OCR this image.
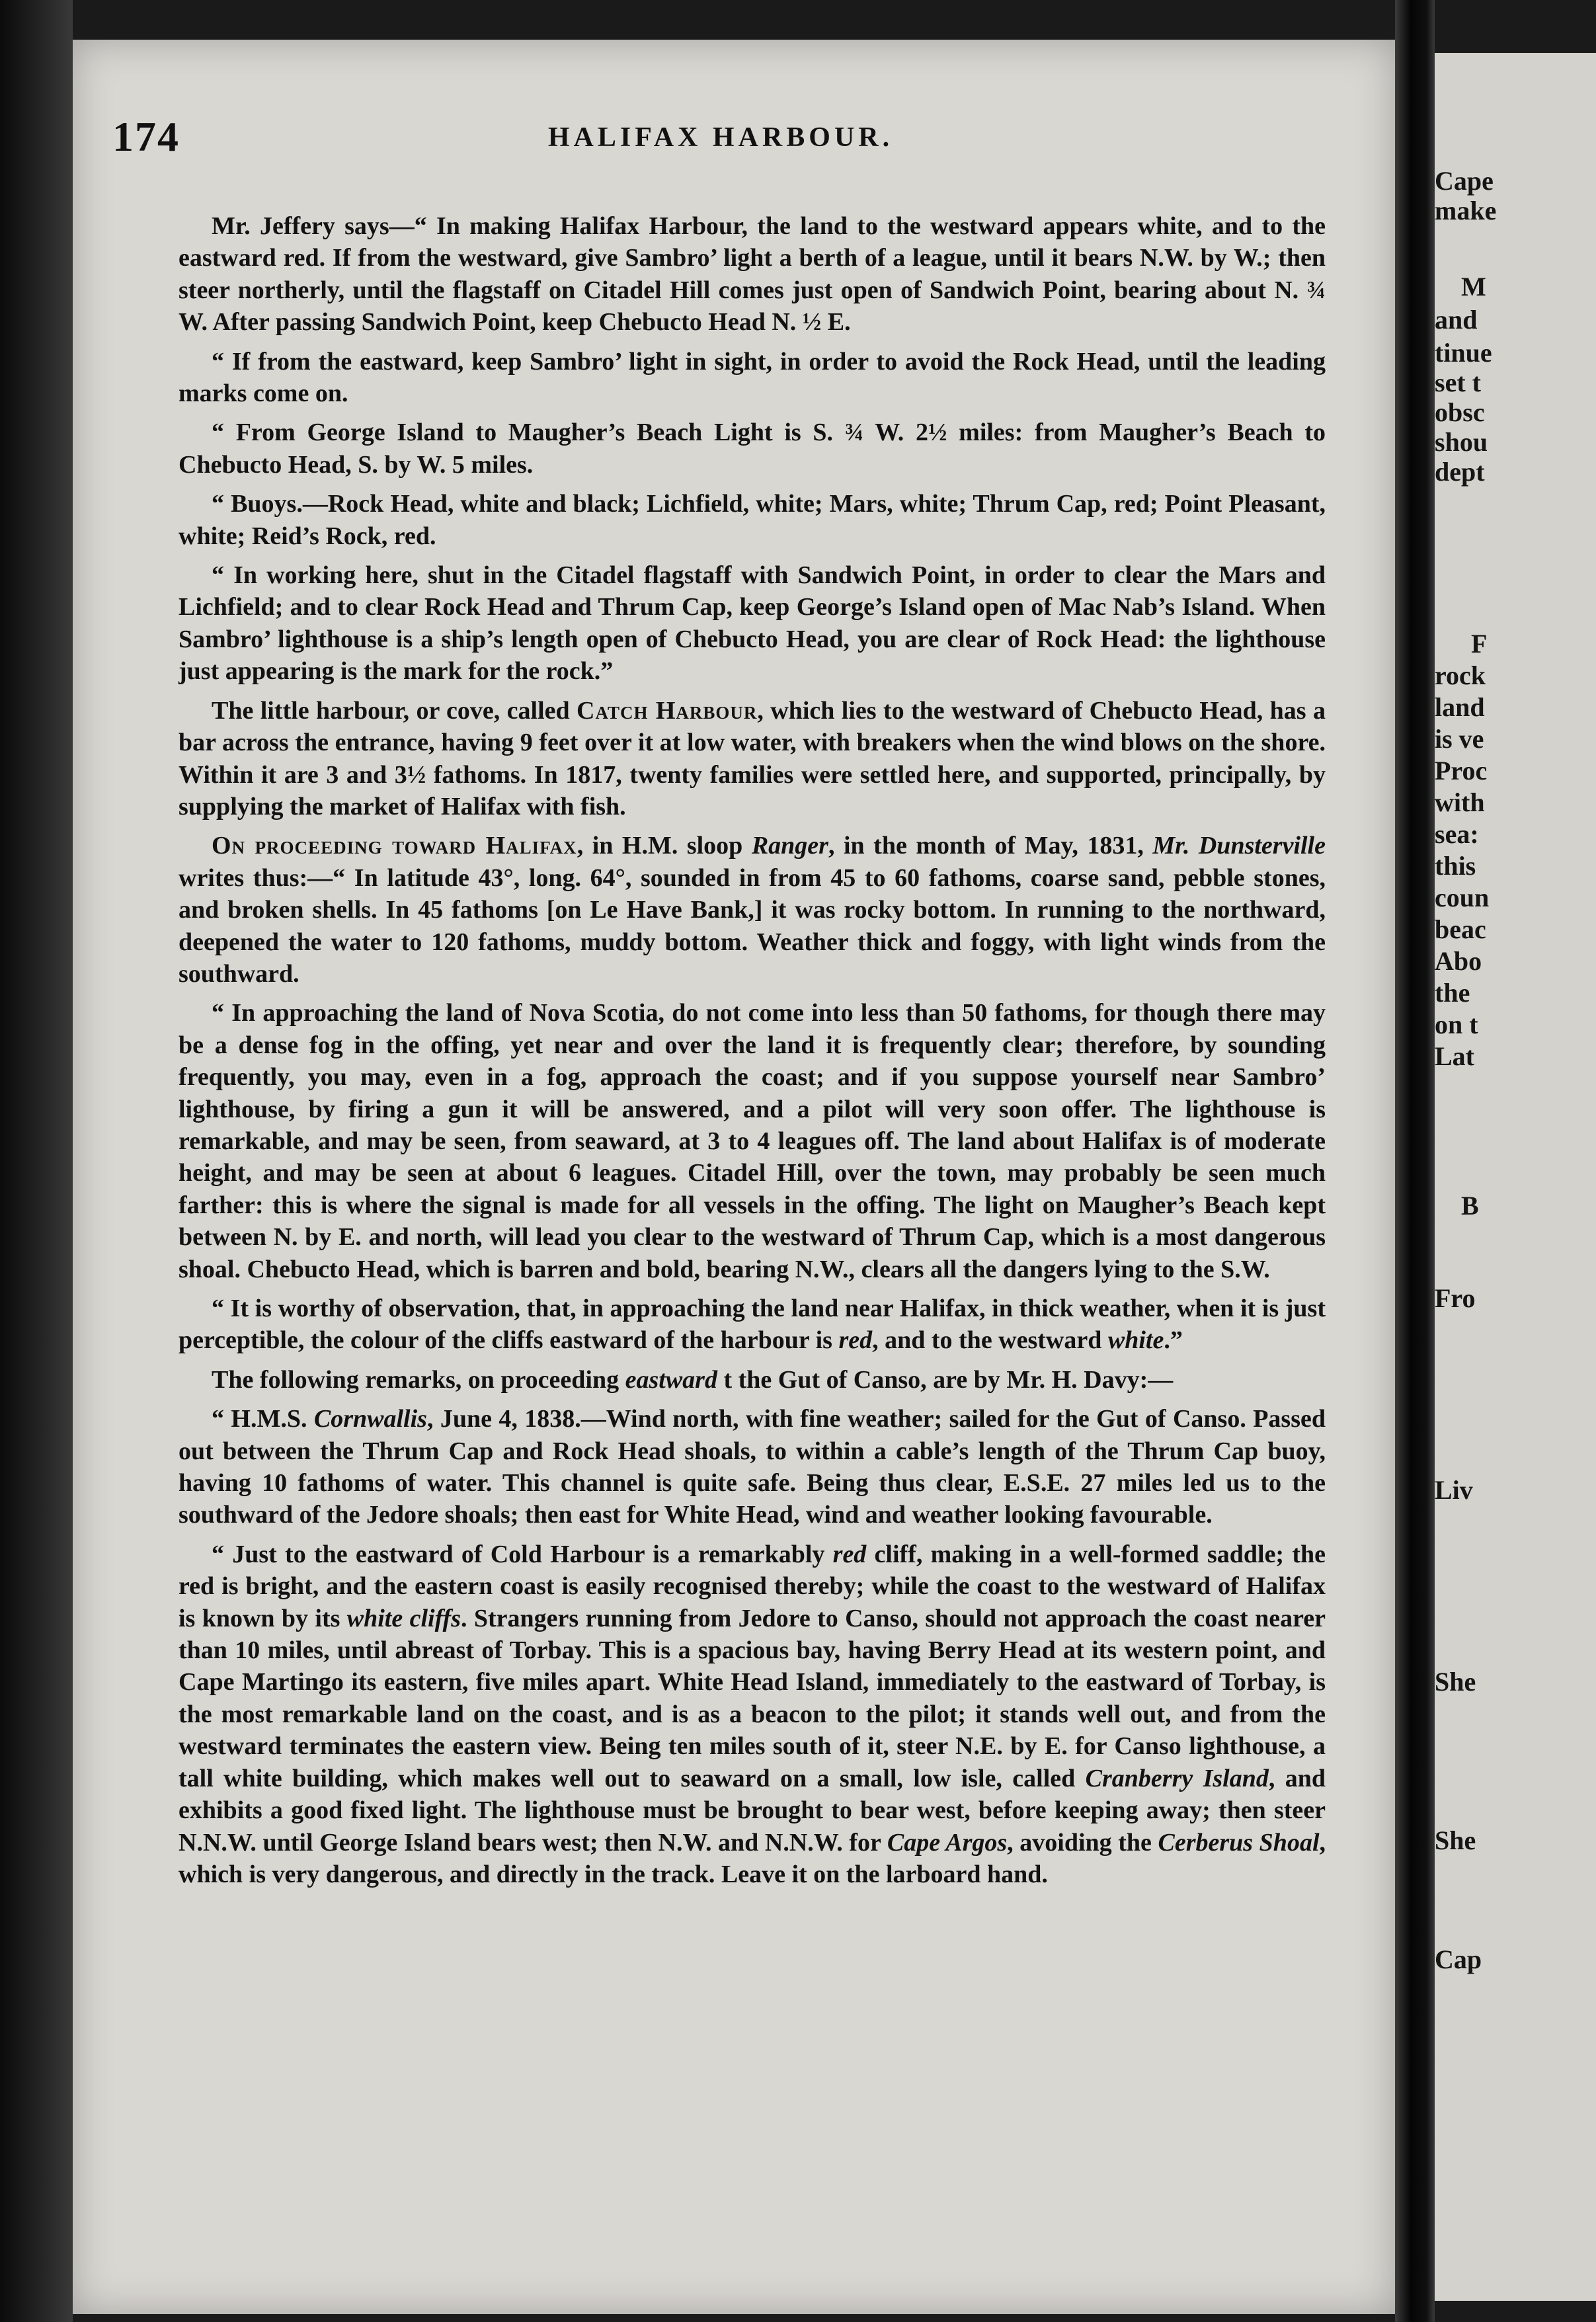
174	HALIFAX HARBOUR.

Mr. Jeffery says—“ In making Halifax Harbour, the land to the westward appears white, and to the eastward red. If from the westward, give Sambro’ light a berth of a league, until it bears N.W. by W.; then steer northerly, until the flagstaff on Citadel Hill comes just open of Sandwich Point, bearing about N. ¾ W. After passing Sandwich Point, keep Chebucto Head N. ½ E.

“ If from the eastward, keep Sambro’ light in sight, in order to avoid the Rock Head, until the leading marks come on.

“ From George Island to Maugher’s Beach Light is S. ¾ W. 2½ miles: from Maugher’s Beach to Chebucto Head, S. by W. 5 miles.

“ Buoys.—Rock Head, white and black; Lichfield, white; Mars, white; Thrum Cap, red; Point Pleasant, white; Reid’s Rock, red.

“ In working here, shut in the Citadel flagstaff with Sandwich Point, in order to clear the Mars and Lichfield; and to clear Rock Head and Thrum Cap, keep George’s Island open of Mac Nab’s Island. When Sambro’ lighthouse is a ship’s length open of Chebucto Head, you are clear of Rock Head: the lighthouse just appearing is the mark for the rock.”

The little harbour, or cove, called Catch Harbour, which lies to the westward of Chebucto Head, has a bar across the entrance, having 9 feet over it at low water, with breakers when the wind blows on the shore. Within it are 3 and 3½ fathoms. In 1817, twenty families were settled here, and supported, principally, by supplying the market of Halifax with fish.

On proceeding toward Halifax, in H.M. sloop Ranger, in the month of May, 1831, Mr. Dunsterville writes thus:—“ In latitude 43°, long. 64°, sounded in from 45 to 60 fathoms, coarse sand, pebble stones, and broken shells. In 45 fathoms [on Le Have Bank,] it was rocky bottom. In running to the northward, deepened the water to 120 fathoms, muddy bottom. Weather thick and foggy, with light winds from the southward.

“ In approaching the land of Nova Scotia, do not come into less than 50 fathoms, for though there may be a dense fog in the offing, yet near and over the land it is frequently clear; therefore, by sounding frequently, you may, even in a fog, approach the coast; and if you suppose yourself near Sambro’ lighthouse, by firing a gun it will be answered, and a pilot will very soon offer. The lighthouse is remarkable, and may be seen, from seaward, at 3 to 4 leagues off. The land about Halifax is of moderate height, and may be seen at about 6 leagues. Citadel Hill, over the town, may probably be seen much farther: this is where the signal is made for all vessels in the offing. The light on Maugher’s Beach kept between N. by E. and north, will lead you clear to the westward of Thrum Cap, which is a most dangerous shoal. Chebucto Head, which is barren and bold, bearing N.W., clears all the dangers lying to the S.W.

“ It is worthy of observation, that, in approaching the land near Halifax, in thick weather, when it is just perceptible, the colour of the cliffs eastward of the harbour is red, and to the westward white.”

The following remarks, on proceeding eastward t the Gut of Canso, are by Mr. H. Davy:—

“ H.M.S. Cornwallis, June 4, 1838.—Wind north, with fine weather; sailed for the Gut of Canso. Passed out between the Thrum Cap and Rock Head shoals, to within a cable’s length of the Thrum Cap buoy, having 10 fathoms of water. This channel is quite safe. Being thus clear, E.S.E. 27 miles led us to the southward of the Jedore shoals; then east for White Head, wind and weather looking favourable.

“ Just to the eastward of Cold Harbour is a remarkably red cliff, making in a well-formed saddle; the red is bright, and the eastern coast is easily recognised thereby; while the coast to the westward of Halifax is known by its white cliffs. Strangers running from Jedore to Canso, should not approach the coast nearer than 10 miles, until abreast of Torbay. This is a spacious bay, having Berry Head at its western point, and Cape Martingo its eastern, five miles apart. White Head Island, immediately to the eastward of Torbay, is the most remarkable land on the coast, and is as a beacon to the pilot; it stands well out, and from the westward terminates the eastern view. Being ten miles south of it, steer N.E. by E. for Canso lighthouse, a tall white building, which makes well out to seaward on a small, low isle, called Cranberry Island, and exhibits a good fixed light. The lighthouse must be brought to bear west, before keeping away; then steer N.N.W. until George Island bears west; then N.W. and N.N.W. for Cape Argos, avoiding the Cerberus Shoal, which is very dangerous, and directly in the track. Leave it on the larboard hand.

Cape
make
M
and
tinue
set t
obsc
shou
dept
F
rock
land
is ve
Proc
with
sea:
this
coun
beac
Abo
the
on t
Lat
B
Fro
Liv
She
She
Cap
